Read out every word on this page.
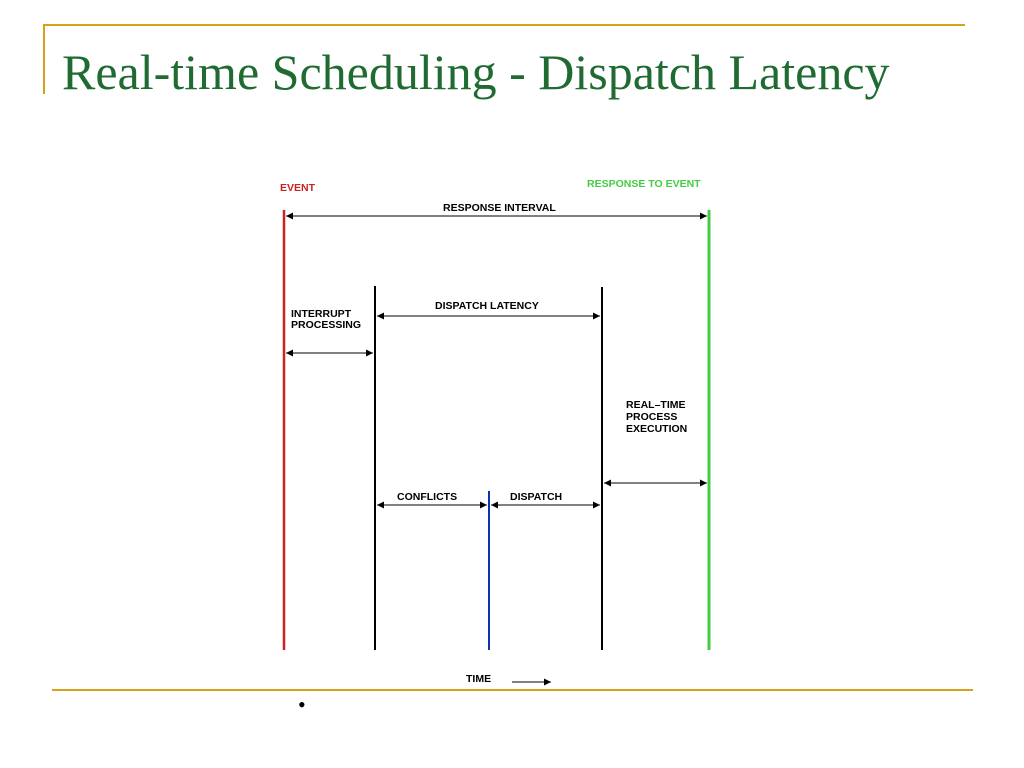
Real-time Scheduling - Dispatch Latency
EVENT	RESPONSE TO EVENT
RESPONSE INTERVAL
DISPATCH LATENCY
INTERRUPT
PROCESSING
REAL–TIME
PROCESS
EXECUTION
CONFLICTS	DISPATCH
TIME
•
